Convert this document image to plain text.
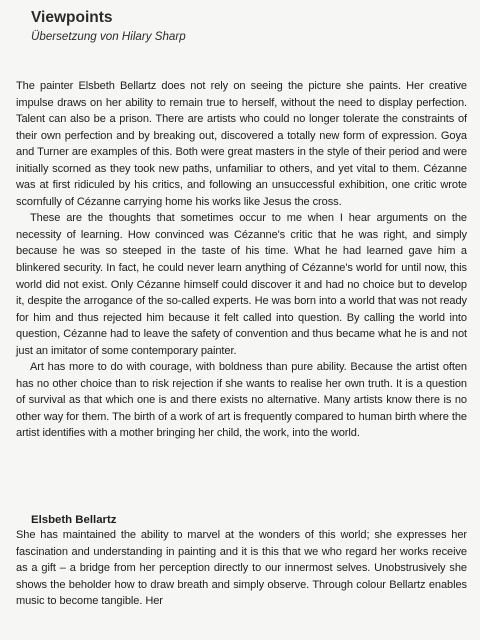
Viewpoints
Übersetzung von Hilary Sharp

The painter Elsbeth Bellartz does not rely on seeing the picture she paints. Her creative impulse draws on her ability to remain true to herself, without the need to display perfection. Talent can also be a prison. There are artists who could no longer tolerate the constraints of their own perfection and by breaking out, discovered a totally new form of expression. Goya and Turner are examples of this. Both were great masters in the style of their period and were initially scorned as they took new paths, unfamiliar to others, and yet vital to them. Cézanne was at first ridiculed by his critics, and following an unsuccessful exhibition, one critic wrote scornfully of Cézanne carrying home his works like Jesus the cross.

These are the thoughts that sometimes occur to me when I hear arguments on the necessity of learning. How convinced was Cézanne's critic that he was right, and simply because he was so steeped in the taste of his time. What he had learned gave him a blinkered security. In fact, he could never learn anything of Cézanne's world for until now, this world did not exist. Only Cézanne himself could discover it and had no choice but to develop it, despite the arrogance of the so-called experts. He was born into a world that was not ready for him and thus rejected him because it felt called into question. By calling the world into question, Cézanne had to leave the safety of convention and thus became what he is and not just an imitator of some contemporary painter.

Art has more to do with courage, with boldness than pure ability. Because the artist often has no other choice than to risk rejection if she wants to realise her own truth. It is a question of survival as that which one is and there exists no alternative. Many artists know there is no other way for them. The birth of a work of art is frequently compared to human birth where the artist identifies with a mother bringing her child, the work, into the world.

Elsbeth Bellartz

She has maintained the ability to marvel at the wonders of this world; she expresses her fascination and understanding in painting and it is this that we who regard her works receive as a gift – a bridge from her perception directly to our innermost selves. Unobstrusively she shows the beholder how to draw breath and simply observe. Through colour Bellartz enables music to become tangible. Her
